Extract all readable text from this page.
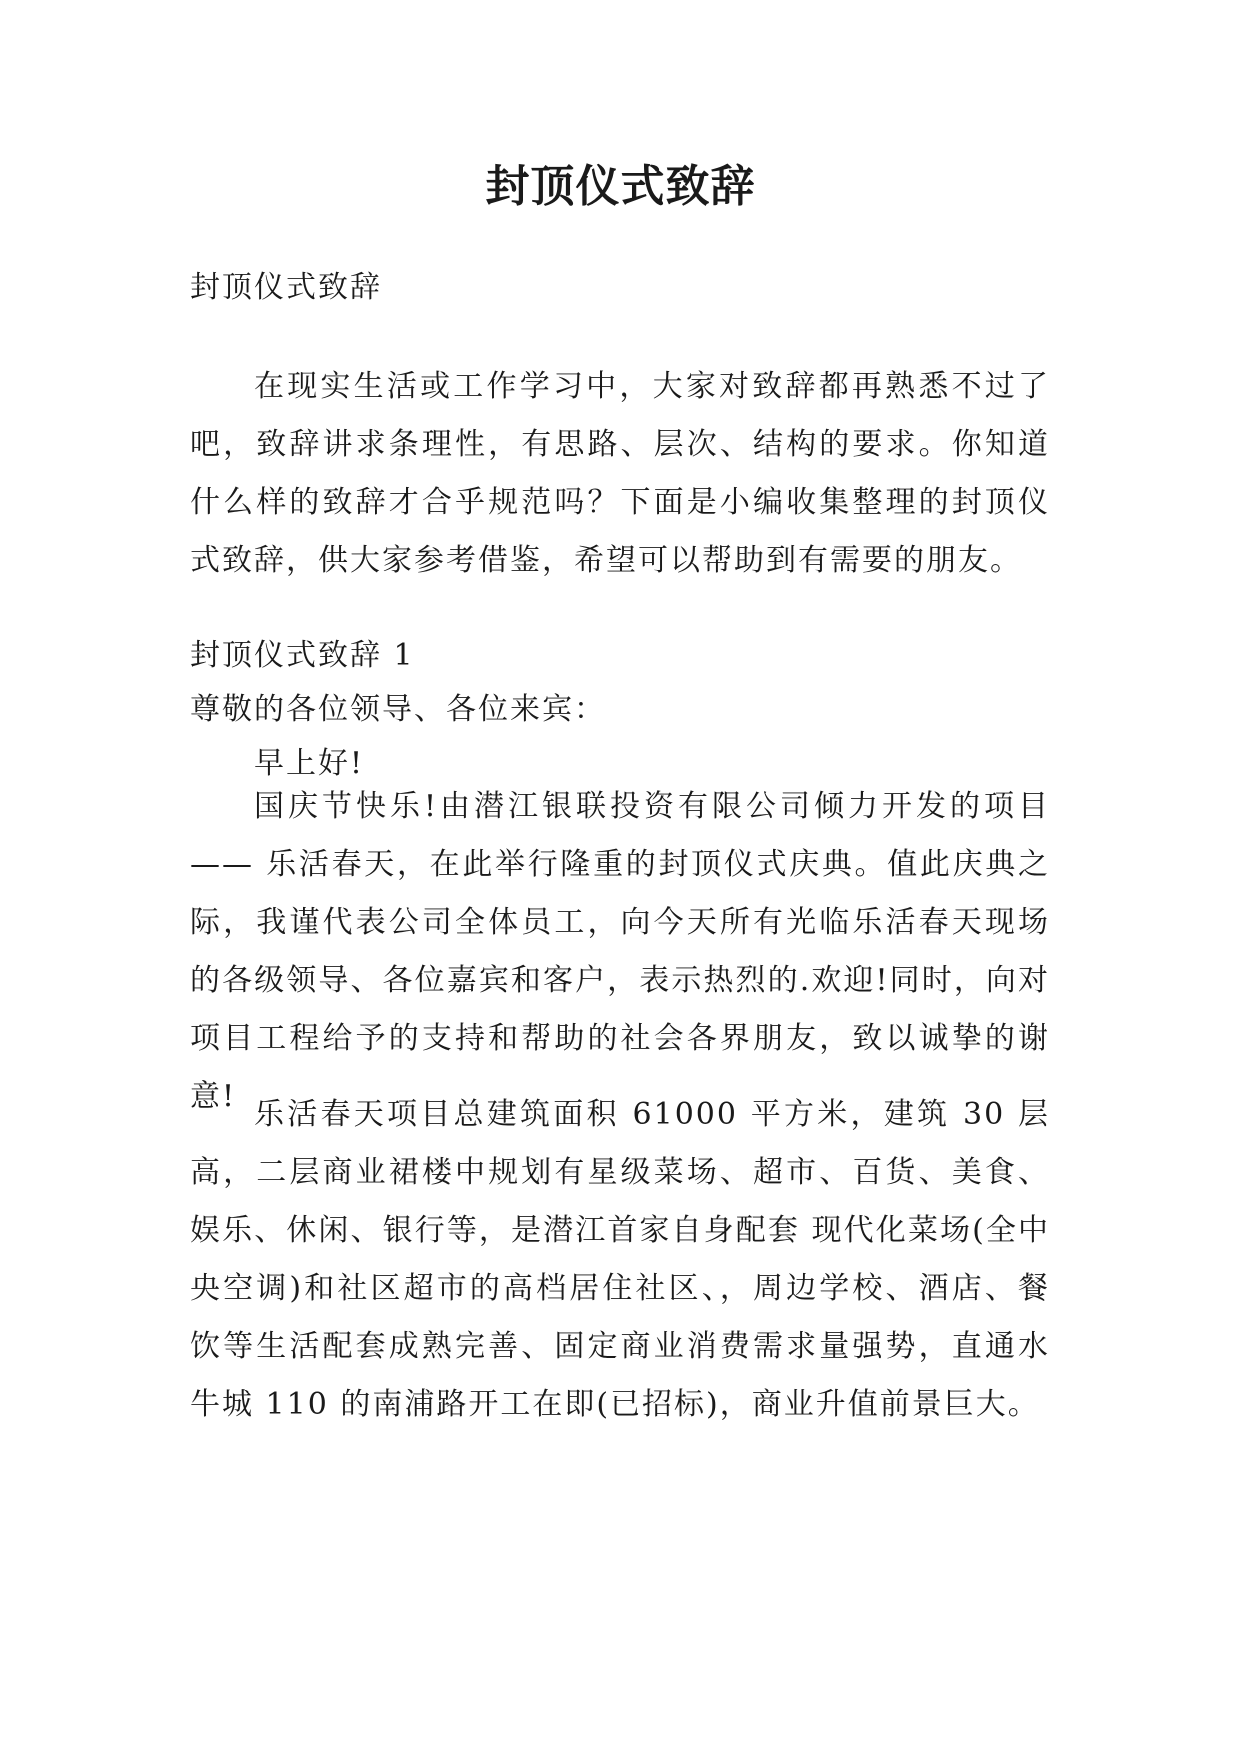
封顶仪式致辞
封顶仪式致辞
在现实生活或工作学习中，大家对致辞都再熟悉不过了吧，致辞讲求条理性，有思路、层次、结构的要求。你知道什么样的致辞才合乎规范吗？下面是小编收集整理的封顶仪式致辞，供大家参考借鉴，希望可以帮助到有需要的朋友。
封顶仪式致辞 1
尊敬的各位领导、各位来宾：
早上好!
国庆节快乐!由潜江银联投资有限公司倾力开发的项目—— 乐活春天，在此举行隆重的封顶仪式庆典。值此庆典之际，我谨代表公司全体员工，向今天所有光临乐活春天现场的各级领导、各位嘉宾和客户，表示热烈的.欢迎!同时，向对项目工程给予的支持和帮助的社会各界朋友，致以诚挚的谢意!
乐活春天项目总建筑面积 61000 平方米，建筑 30 层高，二层商业裙楼中规划有星级菜场、超市、百货、美食、娱乐、休闲、银行等，是潜江首家自身配套 现代化菜场(全中央空调)和社区超市的高档居住社区、，周边学校、酒店、餐饮等生活配套成熟完善、固定商业消费需求量强势，直通水牛城 110 的南浦路开工在即(已招标)，商业升值前景巨大。
